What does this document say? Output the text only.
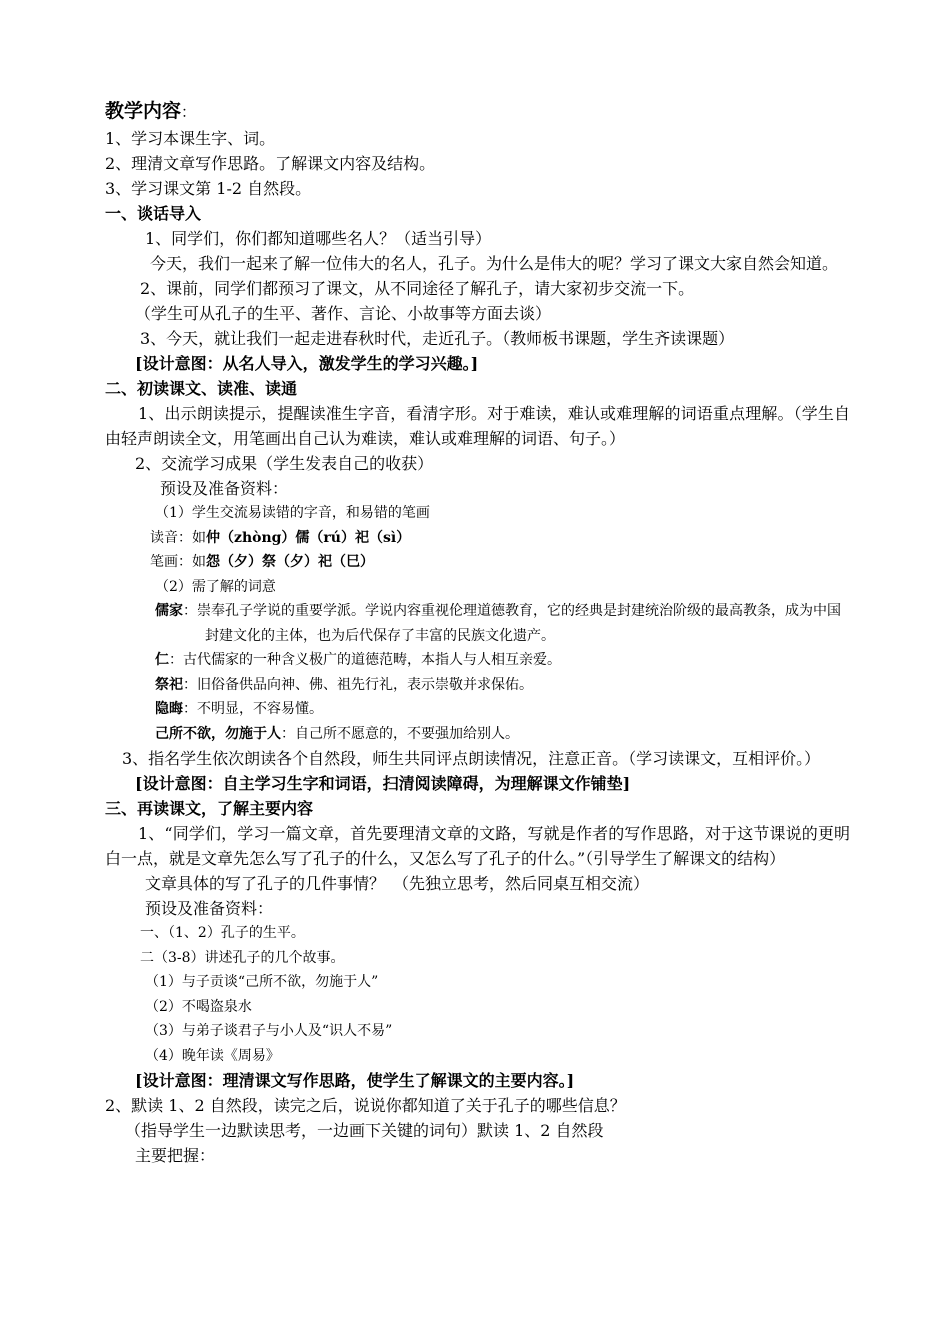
教学内容：

1、学习本课生字、词。

2、理清文章写作思路。了解课文内容及结构。

3、学习课文第 1-2 自然段。

一、谈话导入

1、同学们，你们都知道哪些名人？（适当引导）

今天，我们一起来了解一位伟大的名人，孔子。为什么是伟大的呢？学习了课文大家自然会知道。

2、课前，同学们都预习了课文，从不同途径了解孔子，请大家初步交流一下。

（学生可从孔子的生平、著作、言论、小故事等方面去谈）

3、今天，就让我们一起走进春秋时代，走近孔子。（教师板书课题，学生齐读课题）

[设计意图：从名人导入，激发学生的学习兴趣。]

二、初读课文、读准、读通

1、出示朗读提示，提醒读准生字音，看清字形。对于难读，难认或难理解的词语重点理解。（学生自由轻声朗读全文，用笔画出自己认为难读，难认或难理解的词语、句子。）

2、交流学习成果（学生发表自己的收获）

预设及准备资料：

（1）学生交流易读错的字音，和易错的笔画

读音：如仲（zhòng）儒（rú）祀（sì）

笔画：如怨（夕）祭（夕）祀（巳）

（2）需了解的词意

儒家：崇奉孔子学说的重要学派。学说内容重视伦理道德教育，它的经典是封建统治阶级的最高教条，成为中国封建文化的主体，也为后代保存了丰富的民族文化遗产。

仁：古代儒家的一种含义极广的道德范畴，本指人与人相互亲爱。

祭祀：旧俗备供品向神、佛、祖先行礼，表示崇敬并求保佑。

隐晦：不明显，不容易懂。

己所不欲，勿施于人：自己所不愿意的，不要强加给别人。

3、指名学生依次朗读各个自然段，师生共同评点朗读情况，注意正音。（学习读课文，互相评价。）

[设计意图：自主学习生字和词语，扫清阅读障碍，为理解课文作铺垫]

三、再读课文，了解主要内容

1、“同学们，学习一篇文章，首先要理清文章的文路，写就是作者的写作思路，对于这节课说的更明白一点，就是文章先怎么写了孔子的什么，又怎么写了孔子的什么。”（引导学生了解课文的结构）

文章具体的写了孔子的几件事情？　（先独立思考，然后同桌互相交流）

预设及准备资料：

一、（1、2）孔子的生平。

二（3-8）讲述孔子的几个故事。

（1）与子贡谈“己所不欲，勿施于人”

（2）不喝盗泉水

（3）与弟子谈君子与小人及“识人不易”

（4）晚年读《周易》

[设计意图：理清课文写作思路，使学生了解课文的主要内容。]

2、默读 1、2 自然段，读完之后，说说你都知道了关于孔子的哪些信息？

（指导学生一边默读思考，一边画下关键的词句）默读 1、2 自然段

主要把握：
